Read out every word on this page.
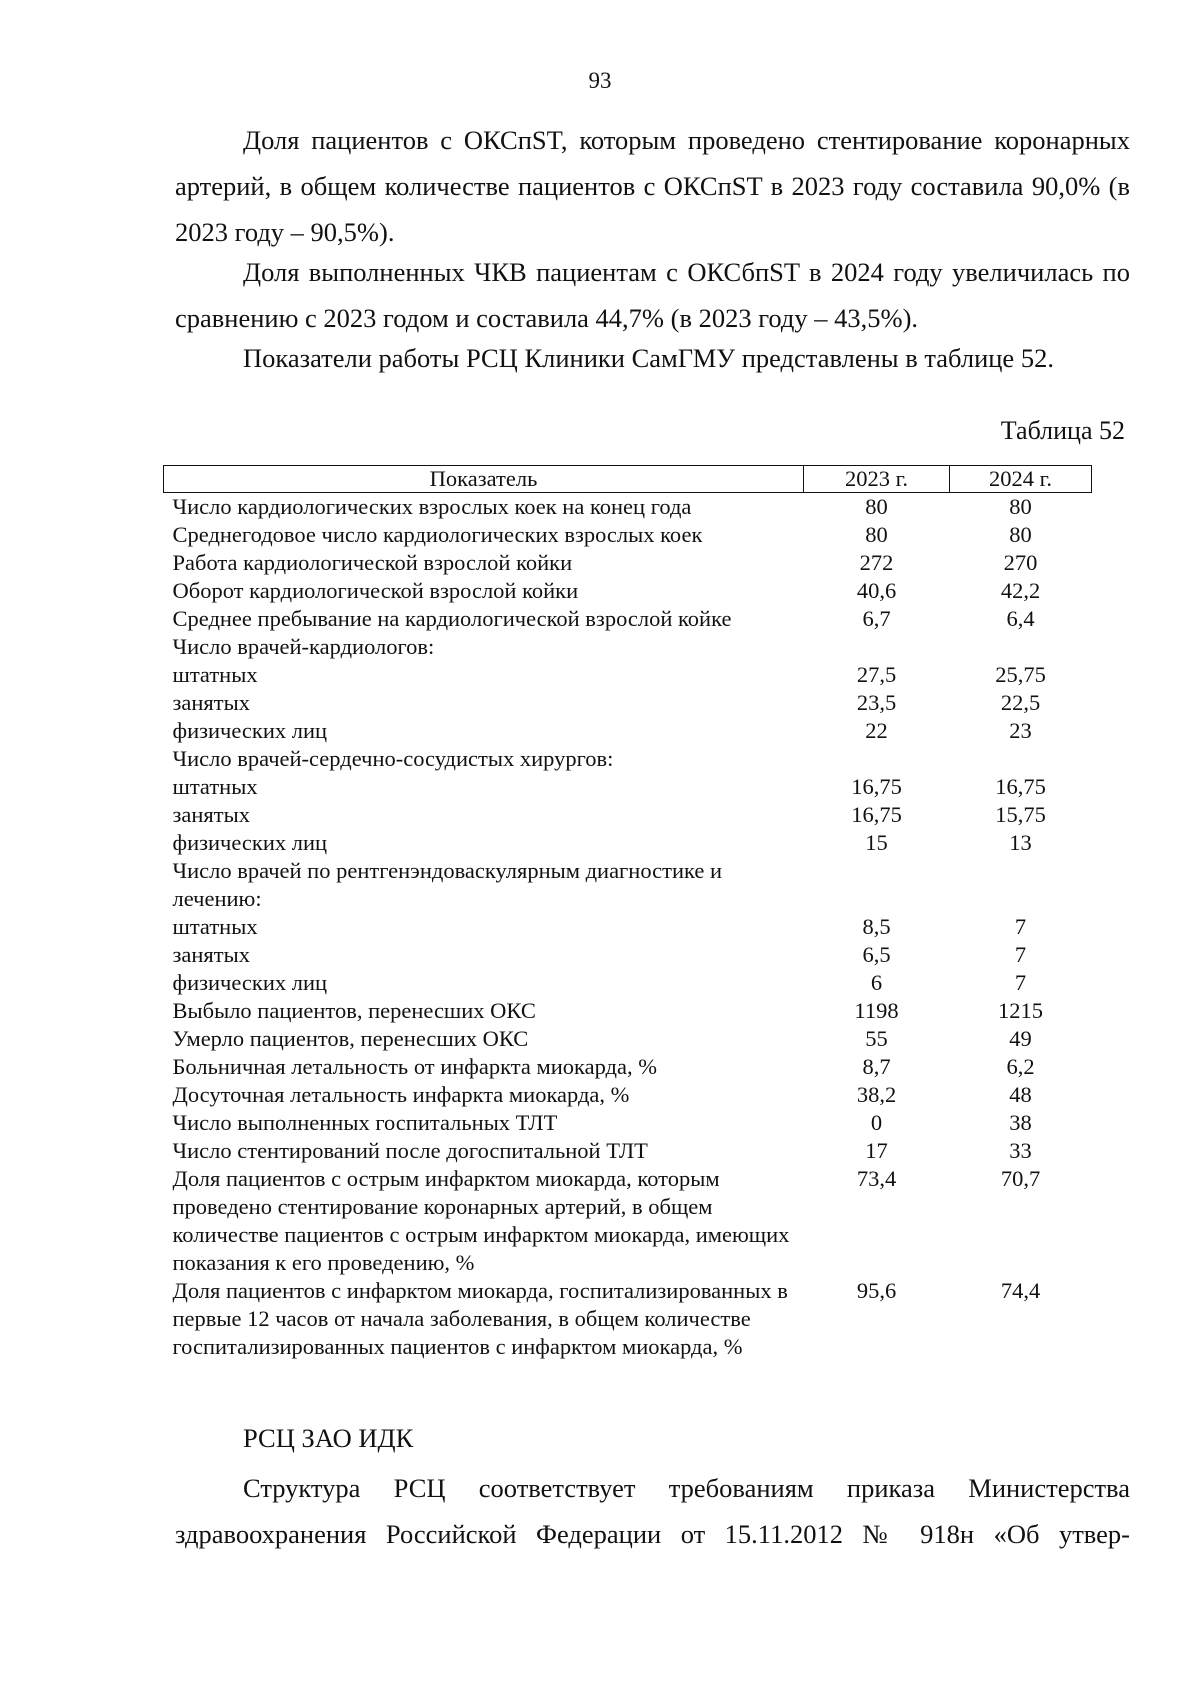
93

Доля пациентов с ОКСпST, которым проведено стентирование коронарных артерий, в общем количестве пациентов с ОКСпST в 2023 году составила 90,0% (в 2023 году – 90,5%).

Доля выполненных ЧКВ пациентам с ОКСбпST в 2024 году увеличилась по сравнению с 2023 годом и составила 44,7% (в 2023 году – 43,5%).

Показатели работы РСЦ Клиники СамГМУ представлены в таблице 52.

Таблица 52
Показатель	2023 г.	2024 г.
Число кардиологических взрослых коек на конец года	80	80
Среднегодовое число кардиологических взрослых коек	80	80
Работа кардиологической взрослой койки	272	270
Оборот кардиологической взрослой койки	40,6	42,2
Среднее пребывание на кардиологической взрослой койке	6,7	6,4
Число врачей-кардиологов:		
штатных	27,5	25,75
занятых	23,5	22,5
физических лиц	22	23
Число врачей-сердечно-сосудистых хирургов:		
штатных	16,75	16,75
занятых	16,75	15,75
физических лиц	15	13
Число врачей по рентгенэндоваскулярным диагностике и лечению:		
штатных	8,5	7
занятых	6,5	7
физических лиц	6	7
Выбыло пациентов, перенесших ОКС	1198	1215
Умерло пациентов, перенесших ОКС	55	49
Больничная летальность от инфаркта миокарда, %	8,7	6,2
Досуточная летальность инфаркта миокарда, %	38,2	48
Число выполненных госпитальных ТЛТ	0	38
Число стентирований после догоспитальной ТЛТ	17	33
Доля пациентов с острым инфарктом миокарда, которым проведено стентирование коронарных артерий, в общем количестве пациентов с острым инфарктом миокарда, имеющих показания к его проведению, %	73,4	70,7
Доля пациентов с инфарктом миокарда, госпитализированных в первые 12 часов от начала заболевания, в общем количестве госпитализированных пациентов с инфарктом миокарда, %	95,6	74,4
РСЦ ЗАО ИДК

Структура РСЦ соответствует требованиям приказа Министерства здравоохранения Российской Федерации от 15.11.2012 № 918н «Об утвер-
